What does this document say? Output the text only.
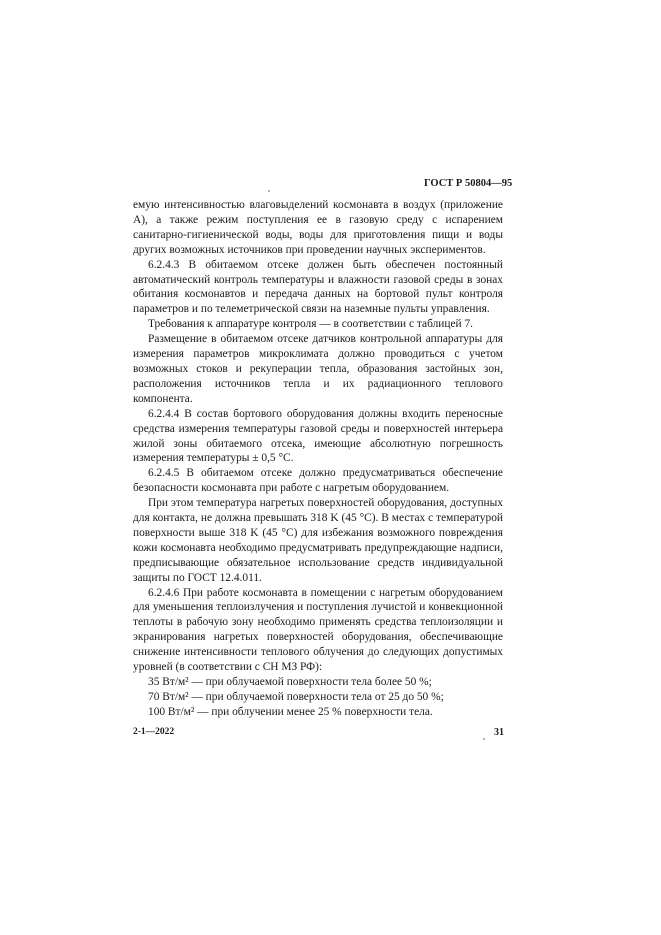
ГОСТ Р 50804—95

емую интенсивностью влаговыделений космонавта в воздух (приложение А), а также режим поступления ее в газовую среду с испарением санитарно-гигиенической воды, воды для приготовления пищи и воды других возможных источников при проведении научных экспериментов.

6.2.4.3 В обитаемом отсеке должен быть обеспечен постоянный автоматический контроль температуры и влажности газовой среды в зонах обитания космонавтов и передача данных на бортовой пульт контроля параметров и по телеметрической связи на наземные пульты управления.

Требования к аппаратуре контроля — в соответствии с таблицей 7.

Размещение в обитаемом отсеке датчиков контрольной аппаратуры для измерения параметров микроклимата должно проводиться с учетом возможных стоков и рекуперации тепла, образования застойных зон, расположения источников тепла и их радиационного теплового компонента.

6.2.4.4 В состав бортового оборудования должны входить переносные средства измерения температуры газовой среды и поверхностей интерьера жилой зоны обитаемого отсека, имеющие абсолютную погрешность измерения температуры ± 0,5 °С.

6.2.4.5 В обитаемом отсеке должно предусматриваться обеспечение безопасности космонавта при работе с нагретым оборудованием.

При этом температура нагретых поверхностей оборудования, доступных для контакта, не должна превышать 318 K (45 °С). В местах с температурой поверхности выше 318 K (45 °С) для избежания возможного повреждения кожи космонавта необходимо предусматривать предупреждающие надписи, предписывающие обязательное использование средств индивидуальной защиты по ГОСТ 12.4.011.

6.2.4.6 При работе космонавта в помещении с нагретым оборудованием для уменьшения теплоизлучения и поступления лучистой и конвекционной теплоты в рабочую зону необходимо применять средства теплоизоляции и экранирования нагретых поверхностей оборудования, обеспечивающие снижение интенсивности теплового облучения до следующих допустимых уровней (в соответствии с СН МЗ РФ):

35 Вт/м² — при облучаемой поверхности тела более 50 %;

70 Вт/м² — при облучаемой поверхности тела от 25 до 50 %;

100 Вт/м² — при облучении менее 25 % поверхности тела.

2-1—2022	31
